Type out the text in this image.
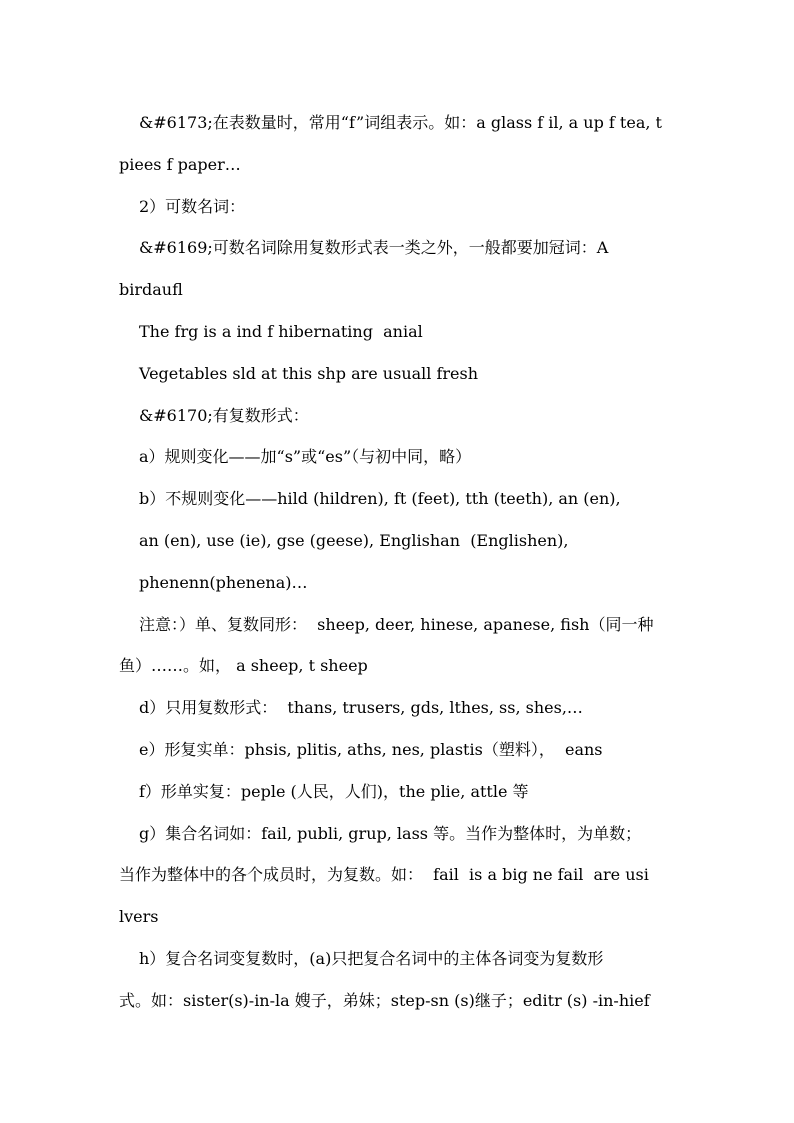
&#6173;在表数量时，常用“f”词组表示。如：a glass f il, a up f tea, t
piees f paper…
2）可数名词：
&#6169;可数名词除用复数形式表一类之外，一般都要加冠词：A
birdaufl
The frg is a ind f hibernating  anial
Vegetables sld at this shp are usuall fresh
&#6170;有复数形式：
a）规则变化——加“s”或“es”（与初中同，略）
b）不规则变化——hild (hildren), ft (feet), tth (teeth), an (en),
an (en), use (ie), gse (geese), Englishan  (Englishen),
phenenn(phenena)…
注意：）单、复数同形：  sheep, deer, hinese, apanese, fish（同一种
鱼）……。如， a sheep, t sheep
d）只用复数形式：  thans, trusers, gds, lthes, ss, shes,…
e）形复实单：phsis, plitis, aths, nes, plastis（塑料），  eans
f）形单实复：peple (人民，人们)，the plie, attle 等
g）集合名词如：fail, publi, grup, lass 等。当作为整体时，为单数；
当作为整体中的各个成员时，为复数。如：  fail  is a big ne fail  are usi
lvers
h）复合名词变复数时，(a)只把复合名词中的主体各词变为复数形
式。如：sister(s)-in-la 嫂子，弟妹；step-sn (s)继子；editr (s) -in-hief
